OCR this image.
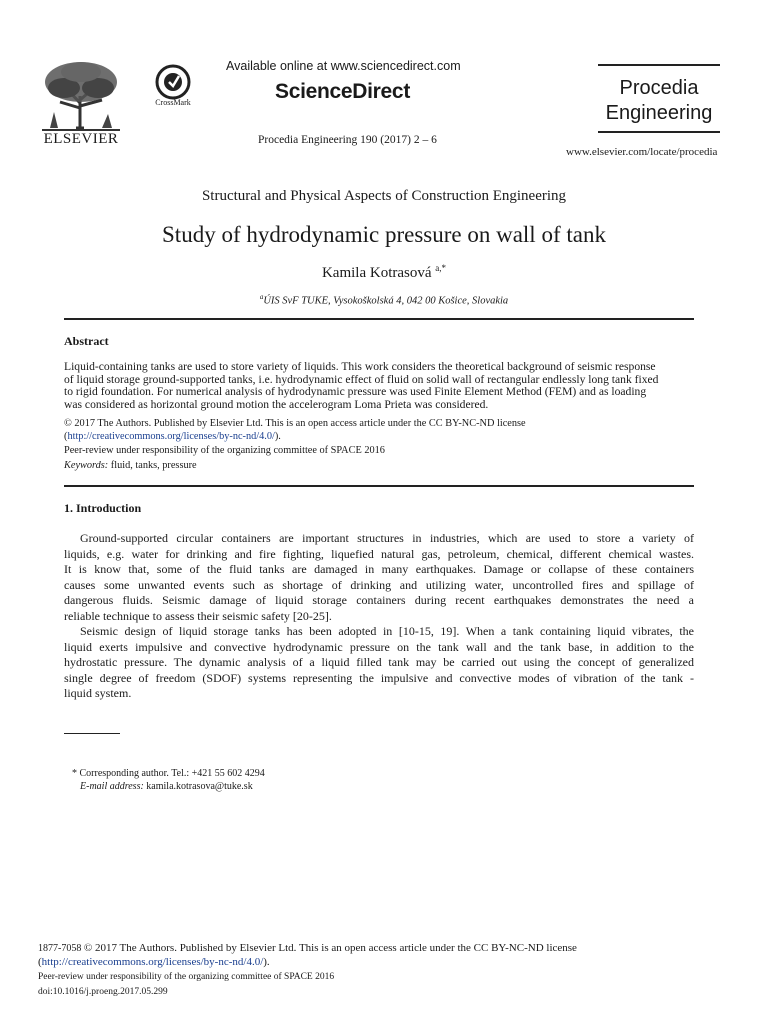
ELSEVIER
CrossMark
Available online at www.sciencedirect.com
ScienceDirect
Procedia Engineering 190 (2017) 2 – 6
Procedia
Engineering
www.elsevier.com/locate/procedia
Structural and Physical Aspects of Construction Engineering
Study of hydrodynamic pressure on wall of tank
Kamila Kotrasová $^{a,*}$
$^a$ÚIS SvF TUKE, Vysokoškolská 4, 042 00 Košice, Slovakia
Abstract
Liquid-containing tanks are used to store variety of liquids. This work considers the theoretical background of seismic response
of liquid storage ground-supported tanks, i.e. hydrodynamic effect of fluid on solid wall of rectangular endlessly long tank fixed
to rigid foundation. For numerical analysis of hydrodynamic pressure was used Finite Element Method (FEM) and as loading
was considered as horizontal ground motion the accelerogram Loma Prieta was considered.
© 2017 The Authors. Published by Elsevier Ltd. This is an open access article under the CC BY-NC-ND license
(http://creativecommons.org/licenses/by-nc-nd/4.0/).
Peer-review under responsibility of the organizing committee of SPACE 2016
Keywords: fluid, tanks, pressure
1. Introduction
Ground-supported circular containers are important structures in industries, which are used to store a variety of
liquids, e.g. water for drinking and fire fighting, liquefied natural gas, petroleum, chemical, different chemical wastes.
It is know that, some of the fluid tanks are damaged in many earthquakes. Damage or collapse of these containers
causes some unwanted events such as shortage of drinking and utilizing water, uncontrolled fires and spillage of
dangerous fluids. Seismic damage of liquid storage containers during recent earthquakes demonstrates the need a
reliable technique to assess their seismic safety [20-25].
Seismic design of liquid storage tanks has been adopted in [10-15, 19]. When a tank containing liquid vibrates, the
liquid exerts impulsive and convective hydrodynamic pressure on the tank wall and the tank base, in addition to the
hydrostatic pressure. The dynamic analysis of a liquid filled tank may be carried out using the concept of generalized
single degree of freedom (SDOF) systems representing the impulsive and convective modes of vibration of the tank -
liquid system.
* Corresponding author. Tel.: +421 55 602 4294
E-mail address: kamila.kotrasova@tuke.sk
1877-7058 © 2017 The Authors. Published by Elsevier Ltd. This is an open access article under the CC BY-NC-ND license
(http://creativecommons.org/licenses/by-nc-nd/4.0/).
Peer-review under responsibility of the organizing committee of SPACE 2016
doi:10.1016/j.proeng.2017.05.299
